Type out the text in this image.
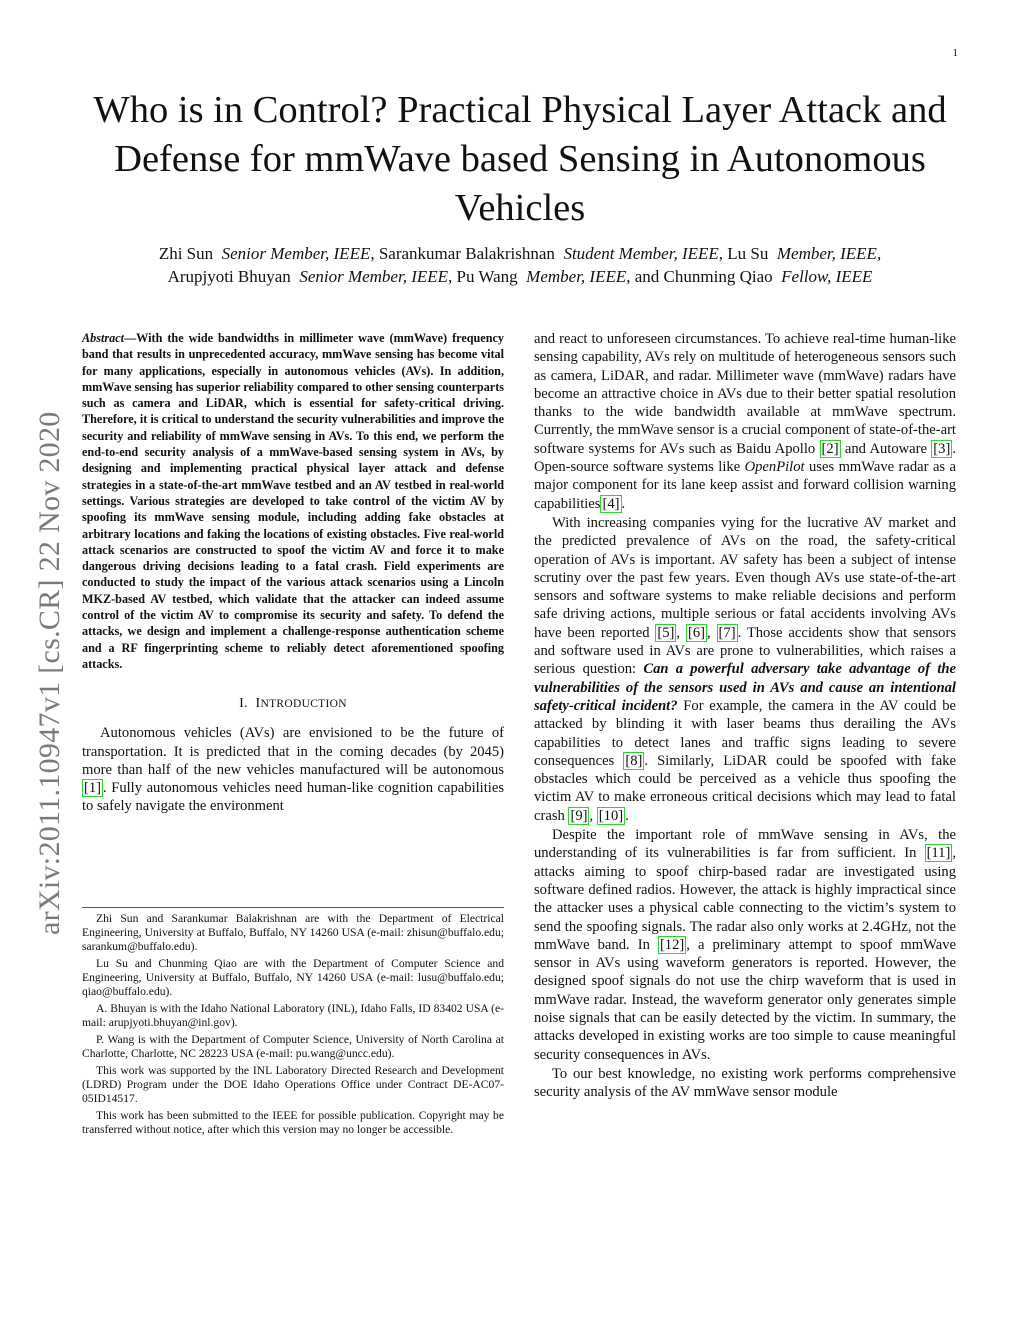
1
arXiv:2011.10947v1 [cs.CR] 22 Nov 2020
Who is in Control? Practical Physical Layer Attack and Defense for mmWave based Sensing in Autonomous Vehicles
Zhi Sun Senior Member, IEEE, Sarankumar Balakrishnan Student Member, IEEE, Lu Su Member, IEEE,
Arupjyoti Bhuyan Senior Member, IEEE, Pu Wang Member, IEEE, and Chunming Qiao Fellow, IEEE

Abstract—With the wide bandwidths in millimeter wave (mmWave) frequency band that results in unprecedented accuracy, mmWave sensing has become vital for many applications, especially in autonomous vehicles (AVs). In addition, mmWave sensing has superior reliability compared to other sensing counterparts such as camera and LiDAR, which is essential for safety-critical driving. Therefore, it is critical to understand the security vulnerabilities and improve the security and reliability of mmWave sensing in AVs. To this end, we perform the end-to-end security analysis of a mmWave-based sensing system in AVs, by designing and implementing practical physical layer attack and defense strategies in a state-of-the-art mmWave testbed and an AV testbed in real-world settings. Various strategies are developed to take control of the victim AV by spoofing its mmWave sensing module, including adding fake obstacles at arbitrary locations and faking the locations of existing obstacles. Five real-world attack scenarios are constructed to spoof the victim AV and force it to make dangerous driving decisions leading to a fatal crash. Field experiments are conducted to study the impact of the various attack scenarios using a Lincoln MKZ-based AV testbed, which validate that the attacker can indeed assume control of the victim AV to compromise its security and safety. To defend the attacks, we design and implement a challenge-response authentication scheme and a RF fingerprinting scheme to reliably detect aforementioned spoofing attacks.

I. INTRODUCTION

Autonomous vehicles (AVs) are envisioned to be the future of transportation. It is predicted that in the coming decades (by 2045) more than half of the new vehicles manufactured will be autonomous [1] . Fully autonomous vehicles need human-like cognition capabilities to safely navigate the environment

Zhi Sun and Sarankumar Balakrishnan are with the Department of Electrical Engineering, University at Buffalo, Buffalo, NY 14260 USA (e-mail: zhisun@buffalo.edu; sarankum@buffalo.edu).

Lu Su and Chunming Qiao are with the Department of Computer Science and Engineering, University at Buffalo, Buffalo, NY 14260 USA (e-mail: lusu@buffalo.edu; qiao@buffalo.edu).

A. Bhuyan is with the Idaho National Laboratory (INL), Idaho Falls, ID 83402 USA (e-mail: arupjyoti.bhuyan@inl.gov).

P. Wang is with the Department of Computer Science, University of North Carolina at Charlotte, Charlotte, NC 28223 USA (e-mail: pu.wang@uncc.edu).

This work was supported by the INL Laboratory Directed Research and Development (LDRD) Program under the DOE Idaho Operations Office under Contract DE-AC07-05ID14517.

This work has been submitted to the IEEE for possible publication. Copyright may be transferred without notice, after which this version may no longer be accessible.

and react to unforeseen circumstances. To achieve real-time human-like sensing capability, AVs rely on multitude of heterogeneous sensors such as camera, LiDAR, and radar. Millimeter wave (mmWave) radars have become an attractive choice in AVs due to their better spatial resolution thanks to the wide bandwidth available at mmWave spectrum. Currently, the mmWave sensor is a crucial component of state-of-the-art software systems for AVs such as Baidu Apollo [2] and Autoware [3] . Open-source software systems like OpenPilot uses mmWave radar as a major component for its lane keep assist and forward collision warning capabilities [4] .

With increasing companies vying for the lucrative AV market and the predicted prevalence of AVs on the road, the safety-critical operation of AVs is important. AV safety has been a subject of intense scrutiny over the past few years. Even though AVs use state-of-the-art sensors and software systems to make reliable decisions and perform safe driving actions, multiple serious or fatal accidents involving AVs have been reported [5] , [6] , [7] . Those accidents show that sensors and software used in AVs are prone to vulnerabilities, which raises a serious question: Can a powerful adversary take advantage of the vulnerabilities of the sensors used in AVs and cause an intentional safety-critical incident? For example, the camera in the AV could be attacked by blinding it with laser beams thus derailing the AVs capabilities to detect lanes and traffic signs leading to severe consequences [8] . Similarly, LiDAR could be spoofed with fake obstacles which could be perceived as a vehicle thus spoofing the victim AV to make erroneous critical decisions which may lead to fatal crash [9] , [10] .

Despite the important role of mmWave sensing in AVs, the understanding of its vulnerabilities is far from sufficient. In [11] , attacks aiming to spoof chirp-based radar are investigated using software defined radios. However, the attack is highly impractical since the attacker uses a physical cable connecting to the victim’s system to send the spoofing signals. The radar also only works at 2.4GHz, not the mmWave band. In [12] , a preliminary attempt to spoof mmWave sensor in AVs using waveform generators is reported. However, the designed spoof signals do not use the chirp waveform that is used in mmWave radar. Instead, the waveform generator only generates simple noise signals that can be easily detected by the victim. In summary, the attacks developed in existing works are too simple to cause meaningful security consequences in AVs.

To our best knowledge, no existing work performs comprehensive security analysis of the AV mmWave sensor module
